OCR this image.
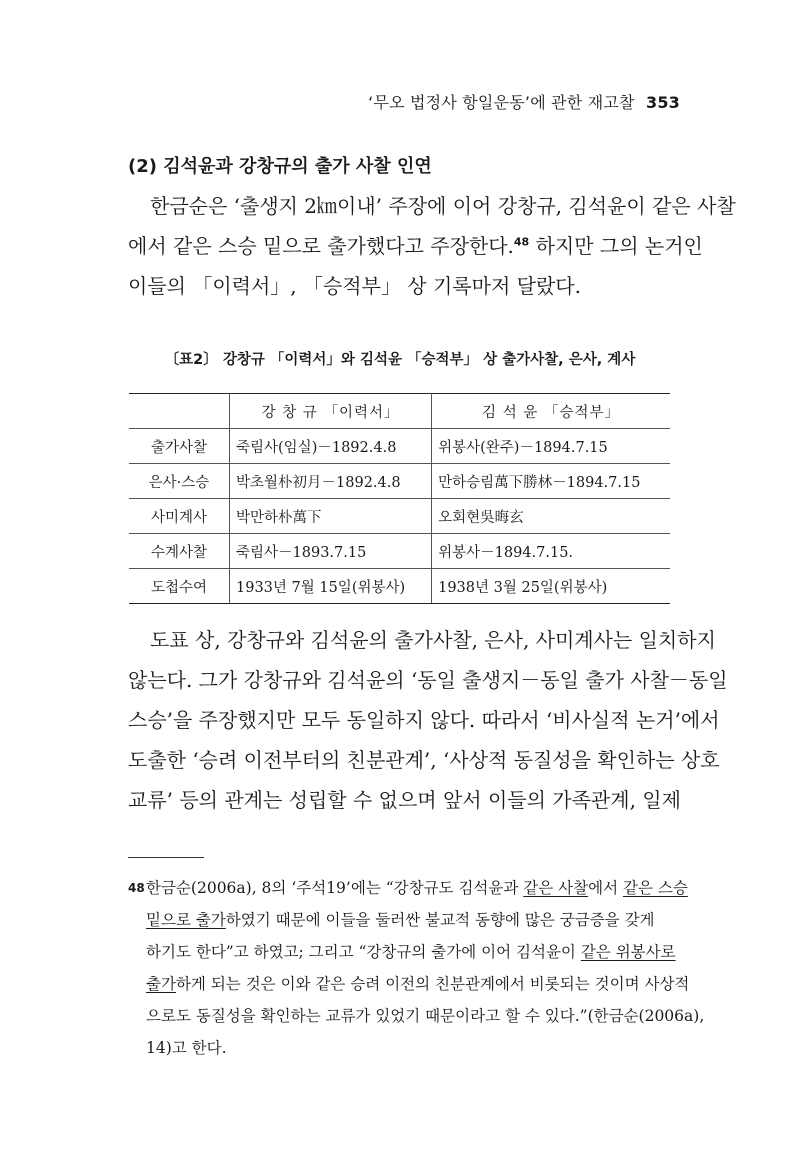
‘무오 법정사 항일운동’에 관한 재고찰 353
(2) 김석윤과 강창규의 출가 사찰 인연

한금순은 ‘출생지 2㎞이내’ 주장에 이어 강창규, 김석윤이 같은 사찰
에서 같은 스승 밑으로 출가했다고 주장한다.$^{48}$ 하지만 그의 논거인
이들의 「이력서」, 「승적부」 상 기록마저 달랐다.

〔표2〕 강창규 「이력서」와 김석윤 「승적부」 상 출가사찰, 은사, 계사
	강 창 규 「이력서」	김 석 윤 「승적부」
출가사찰	죽림사(임실)－1892.4.8	위봉사(완주)－1894.7.15
은사·스승	박초월朴初月－1892.4.8	만하승림萬下勝林－1894.7.15
사미계사	박만하朴萬下	오회현吳晦玄
수계사찰	죽림사－1893.7.15	위봉사－1894.7.15.
도첩수여	1933년 7월 15일(위봉사)	1938년 3월 25일(위봉사)

도표 상, 강창규와 김석윤의 출가사찰, 은사, 사미계사는 일치하지
않는다. 그가 강창규와 김석윤의 ‘동일 출생지－동일 출가 사찰－동일
스승’을 주장했지만 모두 동일하지 않다. 따라서 ‘비사실적 논거’에서
도출한 ‘승려 이전부터의 친분관계’, ‘사상적 동질성을 확인하는 상호
교류’ 등의 관계는 성립할 수 없으며 앞서 이들의 가족관계, 일제

48 한금순(2006a), 8의 ‘주석19’에는 “강창규도 김석윤과 같은 사찰에서 같은 스승
밑으로 출가하였기 때문에 이들을 둘러싼 불교적 동향에 많은 궁금증을 갖게
하기도 한다”고 하였고; 그리고 “강창규의 출가에 이어 김석윤이 같은 위봉사로
출가하게 되는 것은 이와 같은 승려 이전의 친분관계에서 비롯되는 것이며 사상적
으로도 동질성을 확인하는 교류가 있었기 때문이라고 할 수 있다.”(한금순(2006a),
14)고 한다.
